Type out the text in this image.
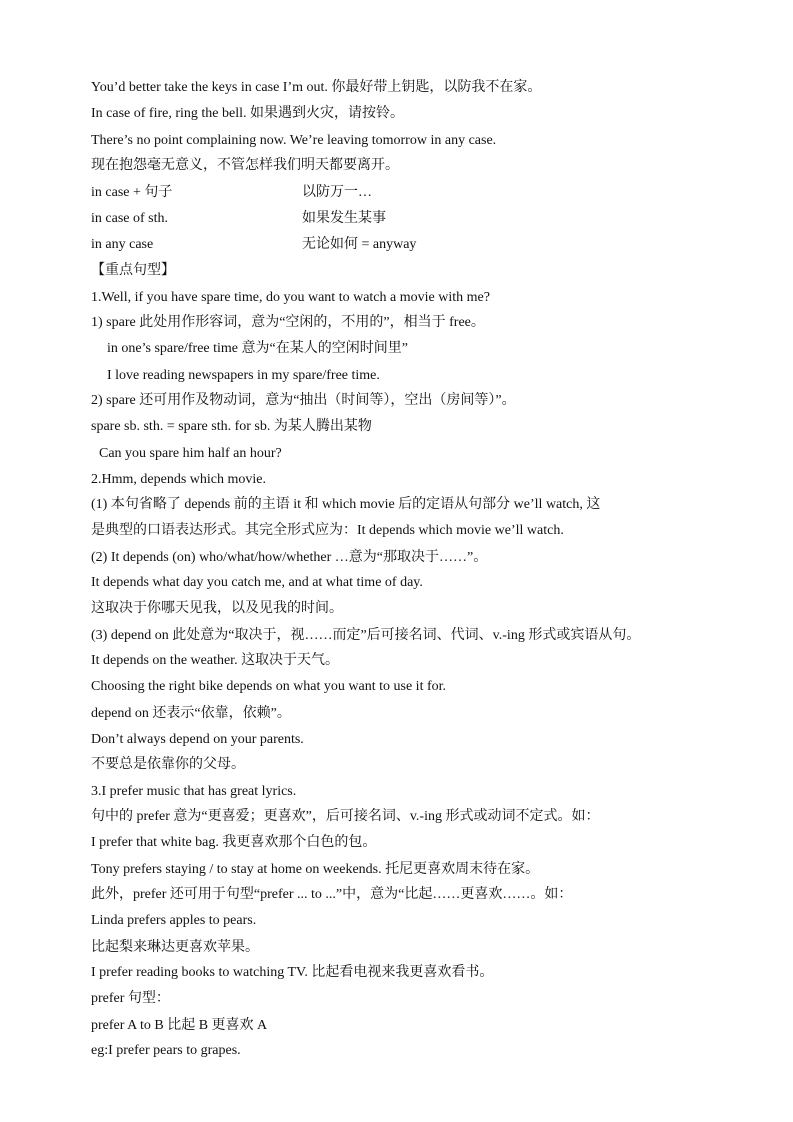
You’d better take the keys in case I’m out. 你最好带上钥匙，以防我不在家。
In case of fire, ring the bell. 如果遇到火灾，请按铃。
There’s no point complaining now. We’re leaving tomorrow in any case.
现在抱怨毫无意义，不管怎样我们明天都要离开。
in case + 句子	以防万一…
in case of sth.	如果发生某事
in any case	无论如何 = anyway
【重点句型】
1.Well, if you have spare time, do you want to watch a movie with me?
1) spare 此处用作形容词，意为“空闲的，不用的”，相当于 free。
in one’s spare/free time 意为“在某人的空闲时间里”
I love reading newspapers in my spare/free time.
2) spare 还可用作及物动词，意为“抽出（时间等），空出（房间等）”。
spare sb. sth. = spare sth. for sb. 为某人腾出某物
Can you spare him half an hour?
2.Hmm, depends which movie.
(1) 本句省略了 depends 前的主语 it 和 which movie 后的定语从句部分 we’ll watch, 这
是典型的口语表达形式。其完全形式应为：It depends which movie we’ll watch.
(2) It depends (on) who/what/how/whether …意为“那取决于……”。
It depends what day you catch me, and at what time of day.
这取决于你哪天见我，以及见我的时间。
(3) depend on 此处意为“取决于，视……而定”后可接名词、代词、v.-ing 形式或宾语从句。
It depends on the weather. 这取决于天气。
Choosing the right bike depends on what you want to use it for.
depend on 还表示“依靠，依赖”。
Don’t always depend on your parents.
不要总是依靠你的父母。
3.I prefer music that has great lyrics.
句中的 prefer 意为“更喜爱；更喜欢”，后可接名词、v.-ing 形式或动词不定式。如：
I prefer that white bag. 我更喜欢那个白色的包。
Tony prefers staying / to stay at home on weekends. 托尼更喜欢周末待在家。
此外，prefer 还可用于句型“prefer ... to ...”中，意为“比起……更喜欢……。如：
Linda prefers apples to pears.
比起梨来琳达更喜欢苹果。
I prefer reading books to watching TV. 比起看电视来我更喜欢看书。
prefer 句型：
prefer A to B 比起 B 更喜欢 A
eg:I prefer pears to grapes.
